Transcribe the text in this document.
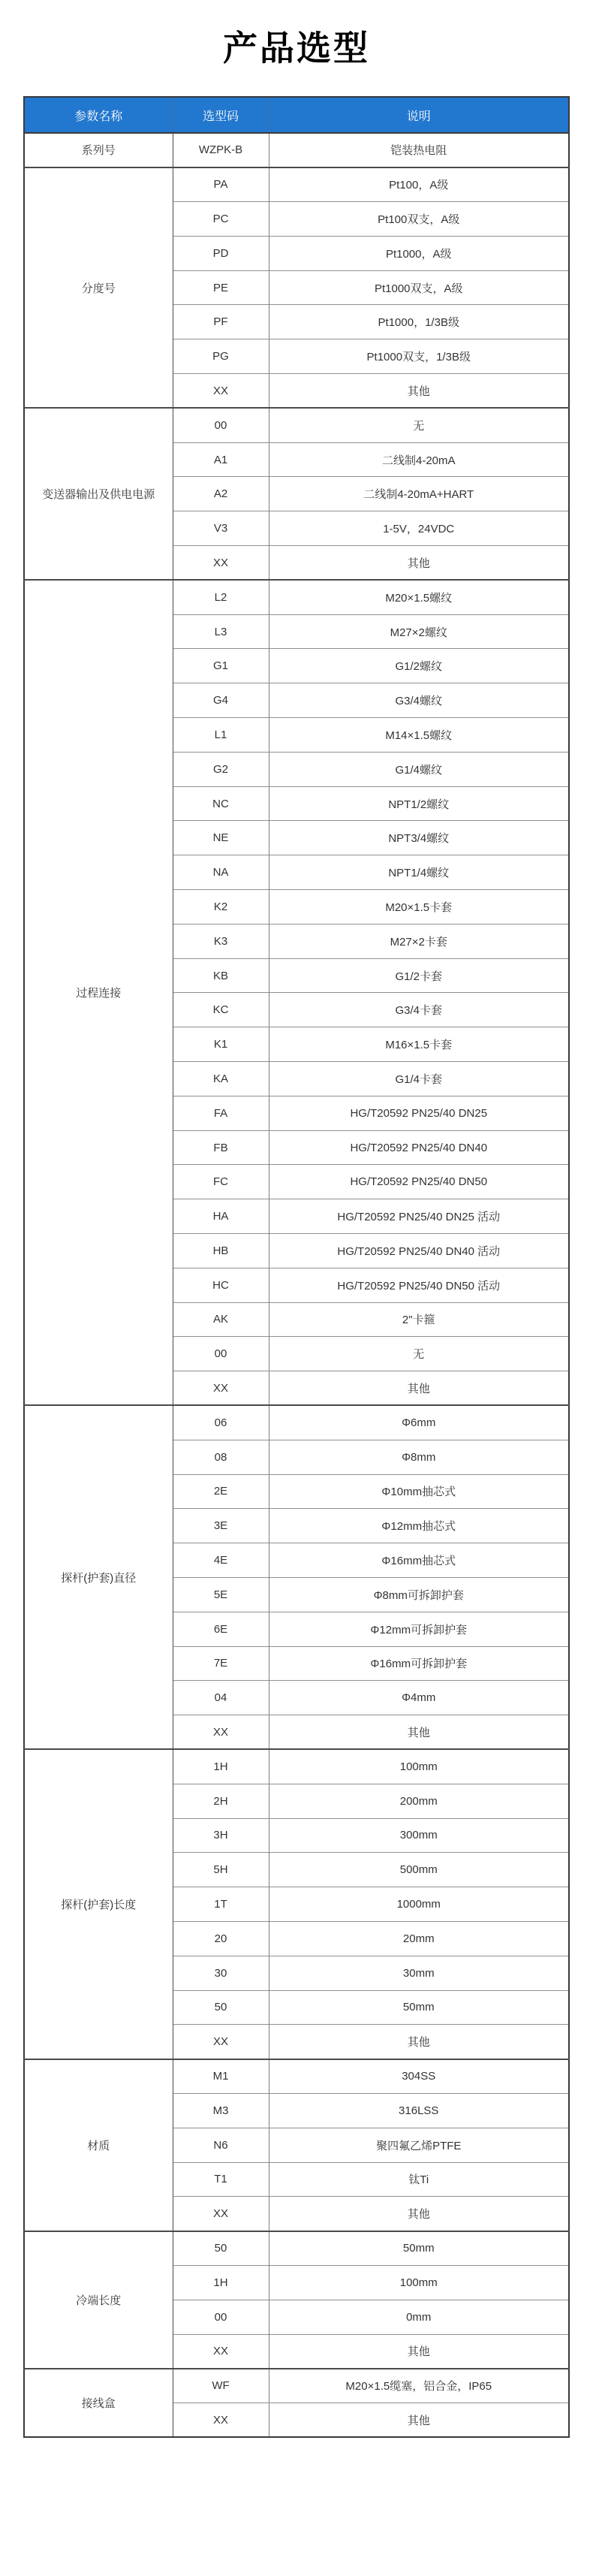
产品选型
参数名称	选型码	说明
系列号	WZPK-B	铠装热电阻
分度号	PA	Pt100，A级
	PC	Pt100双支，A级
	PD	Pt1000，A级
	PE	Pt1000双支，A级
	PF	Pt1000，1/3B级
	PG	Pt1000双支，1/3B级
	XX	其他
变送器输出及供电电源	00	无
	A1	二线制4-20mA
	A2	二线制4-20mA+HART
	V3	1-5V，24VDC
	XX	其他
过程连接	L2	M20×1.5螺纹
	L3	M27×2螺纹
	G1	G1/2螺纹
	G4	G3/4螺纹
	L1	M14×1.5螺纹
	G2	G1/4螺纹
	NC	NPT1/2螺纹
	NE	NPT3/4螺纹
	NA	NPT1/4螺纹
	K2	M20×1.5卡套
	K3	M27×2卡套
	KB	G1/2卡套
	KC	G3/4卡套
	K1	M16×1.5卡套
	KA	G1/4卡套
	FA	HG/T20592 PN25/40 DN25
	FB	HG/T20592 PN25/40 DN40
	FC	HG/T20592 PN25/40 DN50
	HA	HG/T20592 PN25/40 DN25 活动
	HB	HG/T20592 PN25/40 DN40 活动
	HC	HG/T20592 PN25/40 DN50 活动
	AK	2"卡箍
	00	无
	XX	其他
探杆(护套)直径	06	Φ6mm
	08	Φ8mm
	2E	Φ10mm抽芯式
	3E	Φ12mm抽芯式
	4E	Φ16mm抽芯式
	5E	Φ8mm可拆卸护套
	6E	Φ12mm可拆卸护套
	7E	Φ16mm可拆卸护套
	04	Φ4mm
	XX	其他
探杆(护套)长度	1H	100mm
	2H	200mm
	3H	300mm
	5H	500mm
	1T	1000mm
	20	20mm
	30	30mm
	50	50mm
	XX	其他
材质	M1	304SS
	M3	316LSS
	N6	聚四氟乙烯PTFE
	T1	钛Ti
	XX	其他
冷端长度	50	50mm
	1H	100mm
	00	0mm
	XX	其他
接线盒	WF	M20×1.5缆塞，铝合金，IP65
	XX	其他
